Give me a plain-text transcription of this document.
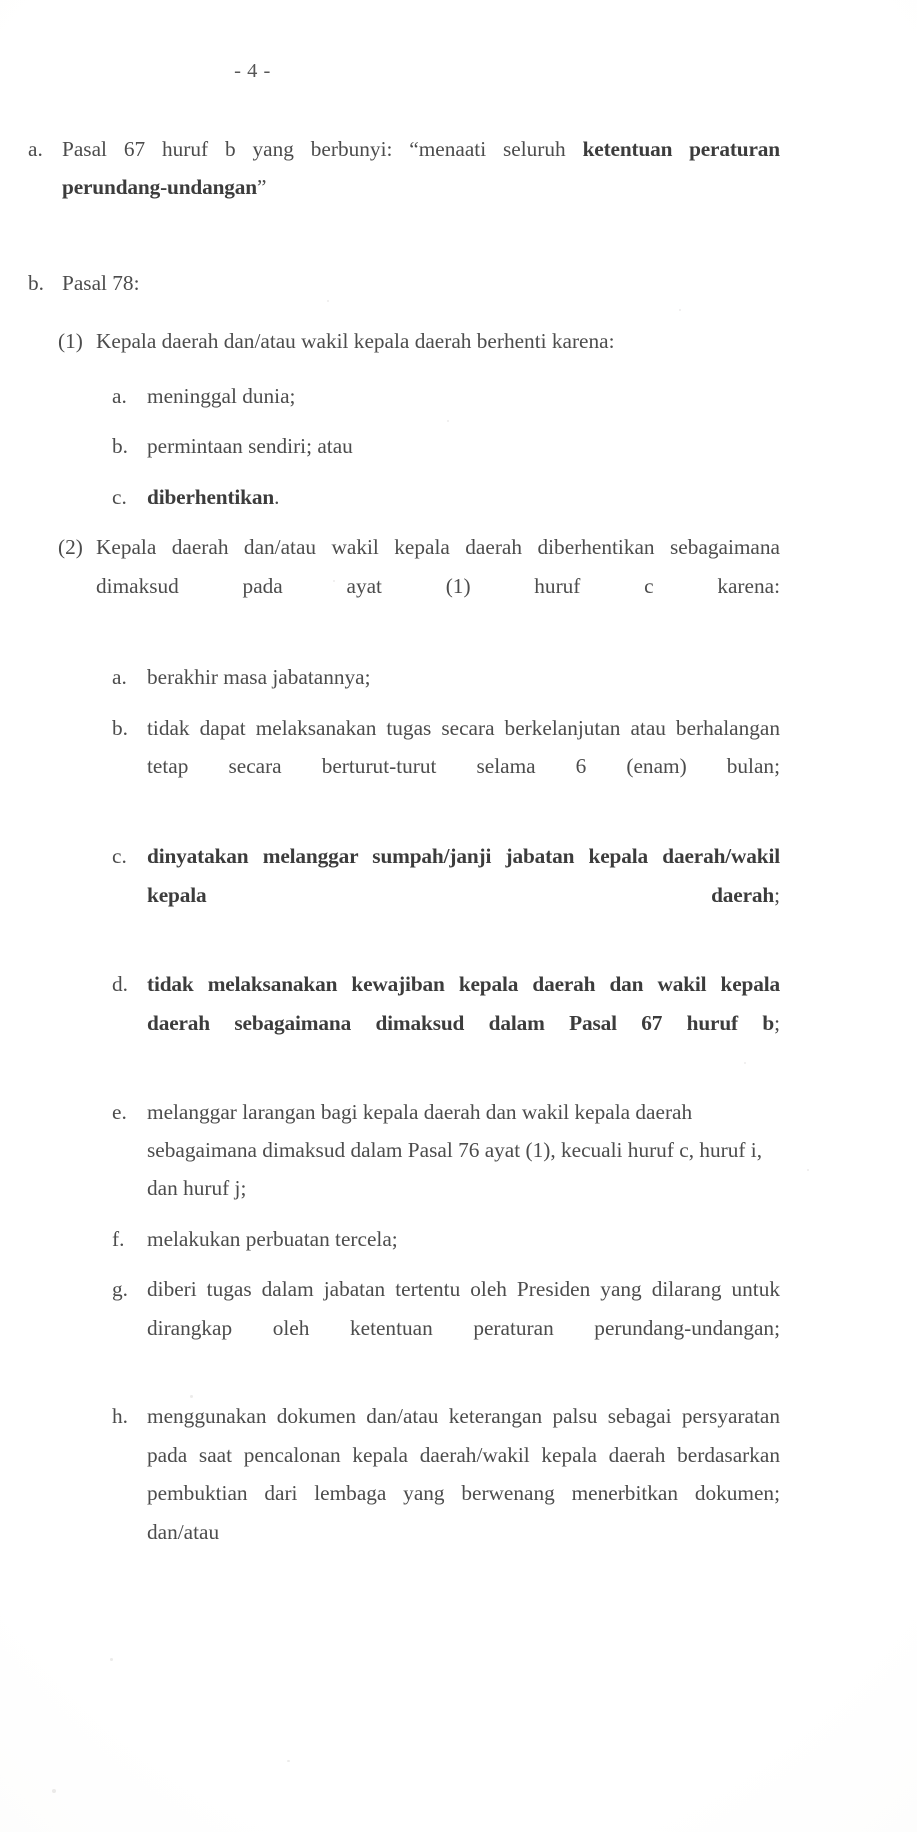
- 4 -
a. Pasal 67 huruf b yang berbunyi: “menaati seluruh ketentuan peraturan perundang-undangan”
b. Pasal 78:
(1) Kepala daerah dan/atau wakil kepala daerah berhenti karena:
a. meninggal dunia;
b. permintaan sendiri; atau
c. diberhentikan.
(2) Kepala daerah dan/atau wakil kepala daerah diberhentikan sebagaimana dimaksud pada ayat (1) huruf c karena:
a. berakhir masa jabatannya;
b. tidak dapat melaksanakan tugas secara berkelanjutan atau berhalangan tetap secara berturut-turut selama 6 (enam) bulan;
c. dinyatakan melanggar sumpah/janji jabatan kepala daerah/wakil kepala daerah;
d. tidak melaksanakan kewajiban kepala daerah dan wakil kepala daerah sebagaimana dimaksud dalam Pasal 67 huruf b;
e. melanggar larangan bagi kepala daerah dan wakil kepala daerah sebagaimana dimaksud dalam Pasal 76 ayat (1), kecuali huruf c, huruf i, dan huruf j;
f.	melakukan perbuatan tercela;
g. diberi tugas dalam jabatan tertentu oleh Presiden yang dilarang untuk dirangkap oleh ketentuan peraturan perundang-undangan;
h. menggunakan dokumen dan/atau keterangan palsu sebagai persyaratan pada saat pencalonan kepala daerah/wakil kepala daerah berdasarkan pembuktian dari lembaga yang berwenang menerbitkan dokumen; dan/atau
